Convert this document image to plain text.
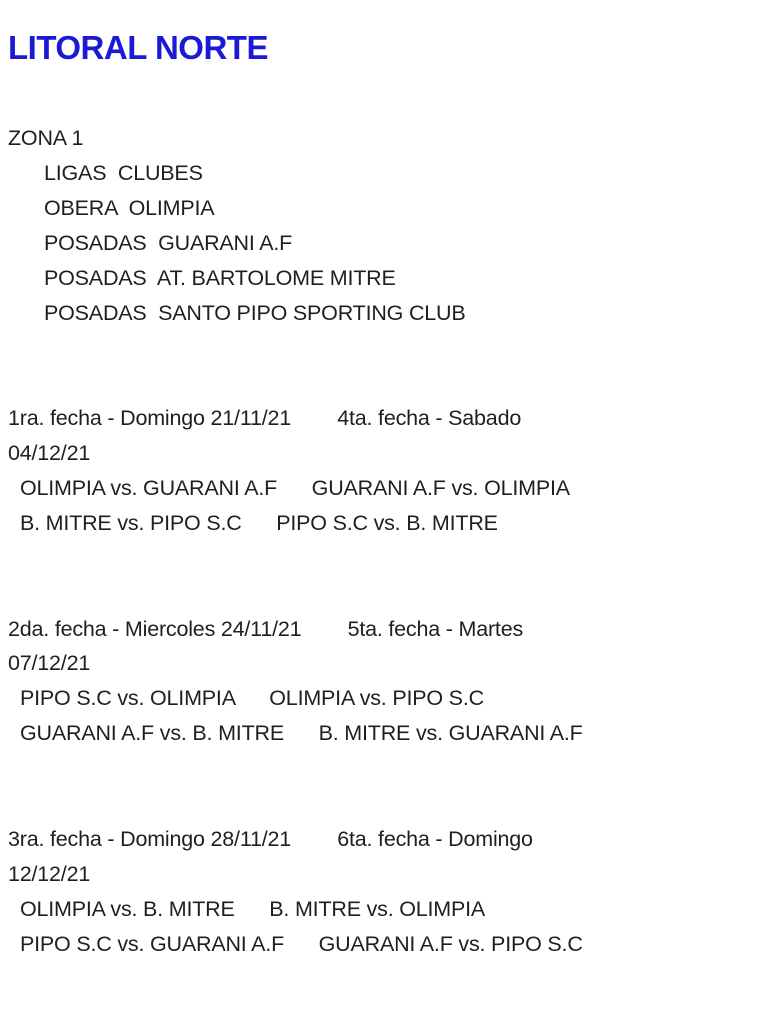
LITORAL NORTE

ZONA 1

LIGAS  CLUBES

OBERA  OLIMPIA

POSADAS  GUARANI A.F

POSADAS  AT. BARTOLOME MITRE

POSADAS  SANTO PIPO SPORTING CLUB

1ra. fecha - Domingo 21/11/21        4ta. fecha - Sabado

04/12/21

OLIMPIA vs. GUARANI A.F      GUARANI A.F vs. OLIMPIA

B. MITRE vs. PIPO S.C      PIPO S.C vs. B. MITRE

2da. fecha - Miercoles 24/11/21        5ta. fecha - Martes

07/12/21

PIPO S.C vs. OLIMPIA      OLIMPIA vs. PIPO S.C

GUARANI A.F vs. B. MITRE      B. MITRE vs. GUARANI A.F

3ra. fecha - Domingo 28/11/21        6ta. fecha - Domingo

12/12/21

OLIMPIA vs. B. MITRE      B. MITRE vs. OLIMPIA

PIPO S.C vs. GUARANI A.F      GUARANI A.F vs. PIPO S.C
